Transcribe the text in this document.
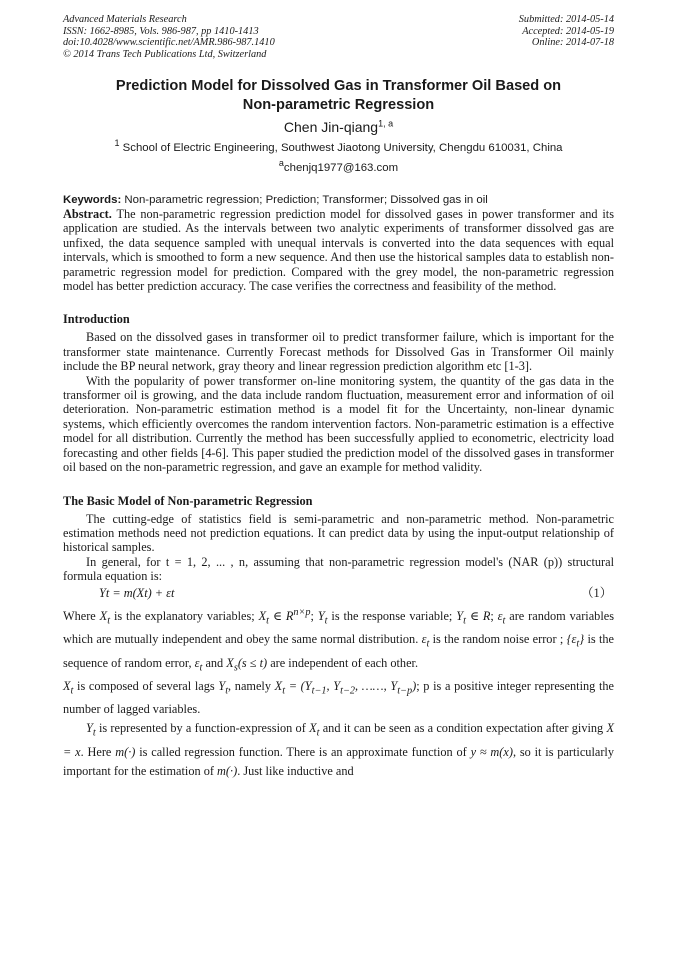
Advanced Materials Research
ISSN: 1662-8985, Vols. 986-987, pp 1410-1413
doi:10.4028/www.scientific.net/AMR.986-987.1410
© 2014 Trans Tech Publications Ltd, Switzerland
Submitted: 2014-05-14
Accepted: 2014-05-19
Online: 2014-07-18
Prediction Model for Dissolved Gas in Transformer Oil Based on
Non-parametric Regression
Chen Jin-qiang$^{1, a}$
$^1$ School of Electric Engineering, Southwest Jiaotong University, Chengdu 610031, China
$^a$chenjq1977@163.com
Keywords: Non-parametric regression; Prediction; Transformer; Dissolved gas in oil

Abstract. The non-parametric regression prediction model for dissolved gases in power transformer and its application are studied. As the intervals between two analytic experiments of transformer dissolved gas are unfixed, the data sequence sampled with unequal intervals is converted into the data sequences with equal intervals, which is smoothed to form a new sequence. And then use the historical samples data to establish non-parametric regression model for prediction. Compared with the grey model, the non-parametric regression model has better prediction accuracy. The case verifies the correctness and feasibility of the method.

Introduction

Based on the dissolved gases in transformer oil to predict transformer failure, which is important for the transformer state maintenance. Currently Forecast methods for Dissolved Gas in Transformer Oil mainly include the BP neural network, gray theory and linear regression prediction algorithm etc [1-3].

With the popularity of power transformer on-line monitoring system, the quantity of the gas data in the transformer oil is growing, and the data include random fluctuation, measurement error and information of oil deterioration. Non-parametric estimation method is a model fit for the Uncertainty, non-linear dynamic systems, which efficiently overcomes the random intervention factors. Non-parametric estimation is a effective model for all distribution. Currently the method has been successfully applied to econometric, electricity load forecasting and other fields [4-6]. This paper studied the prediction model of the dissolved gases in transformer oil based on the non-parametric regression, and gave an example for method validity.

The Basic Model of Non-parametric Regression

The cutting-edge of statistics field is semi-parametric and non-parametric method. Non-parametric estimation methods need not prediction equations. It can predict data by using the input-output relationship of historical samples.

In general, for t = 1, 2, ... , n, assuming that non-parametric regression model's (NAR (p)) structural formula equation is:

Yt = m(Xt) + εt	（1）

Where $X_t$ is the explanatory variables; $X_t$ ∈ $R^{n\times p}$; $Y_t$ is the response variable; $Y_t$ ∈ R; $\varepsilon_t$ are random variables which are mutually independent and obey the same normal distribution. $\varepsilon_t$ is the random noise error ; $\{\varepsilon_t\}$ is the sequence of random error, $\varepsilon_t$ and $X_s(s \le t)$ are independent of each other.

$X_t$ is composed of several lags $Y_t$, namely $X_t = (Y_{t-1}$, $Y_{t-2}$, ……, $Y_{t-p}$); p is a positive integer representing the number of lagged variables.

$Y_t$ is represented by a function-expression of $X_t$ and it can be seen as a condition expectation after giving X = x. Here m(·) is called regression function. There is an approximate function of y ≈ m(x), so it is particularly important for the estimation of m(·). Just like inductive and
